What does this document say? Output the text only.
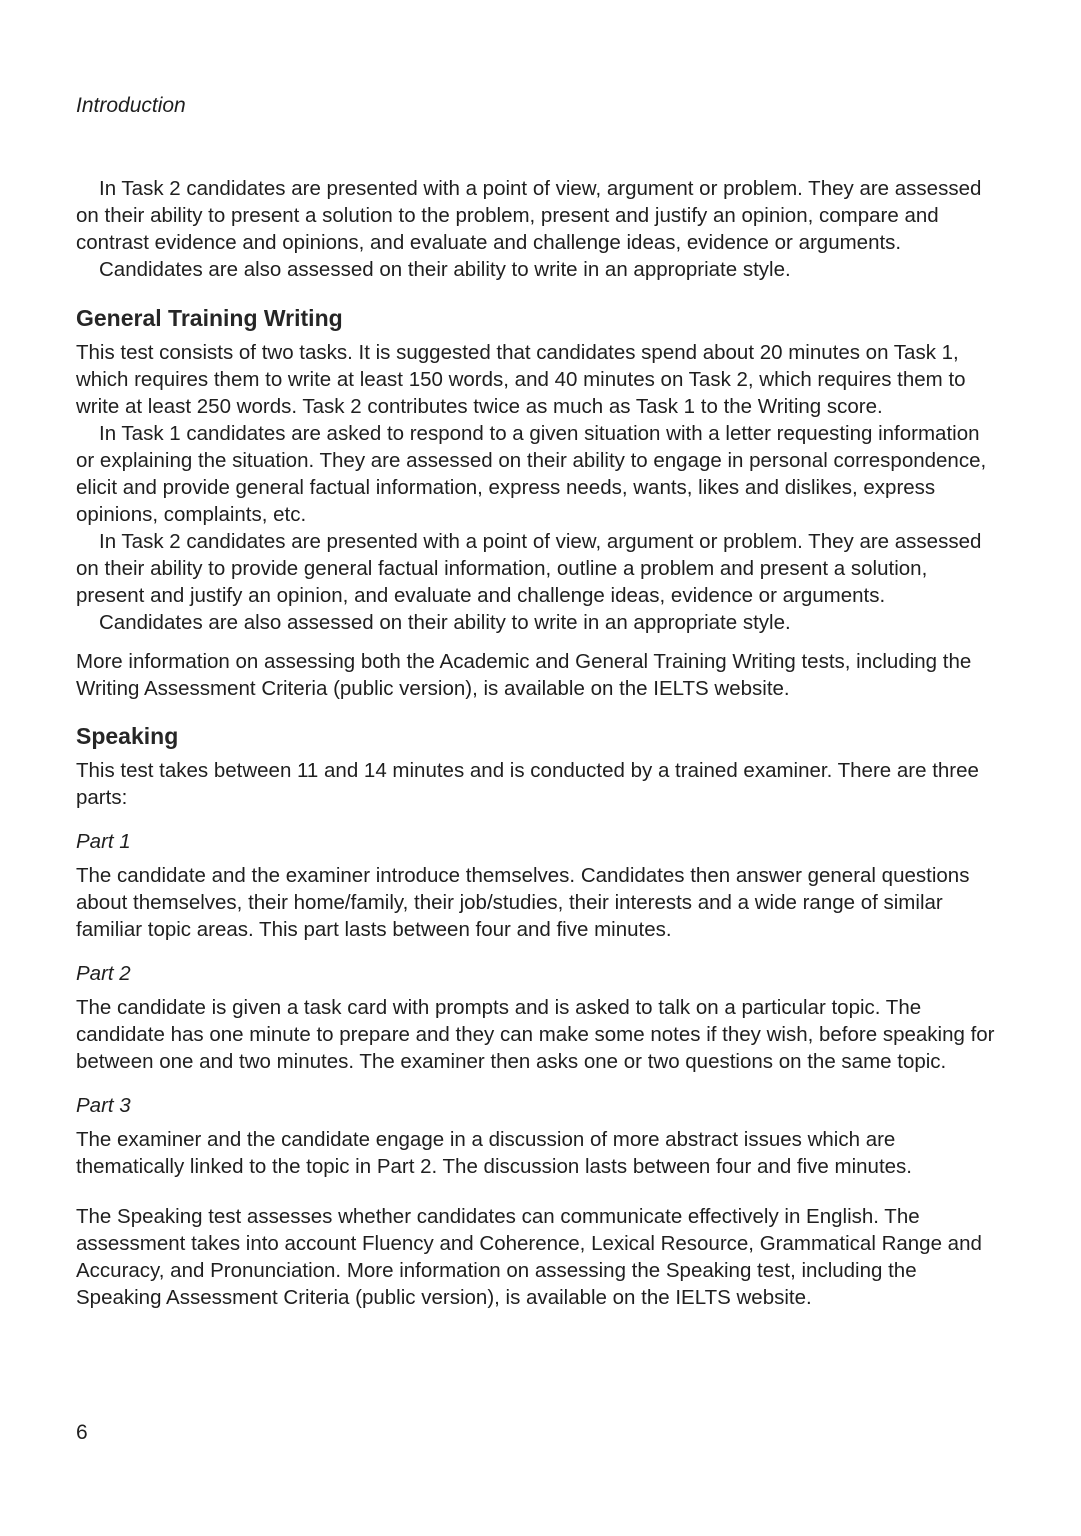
Introduction

In Task 2 candidates are presented with a point of view, argument or problem. They are assessed on their ability to present a solution to the problem, present and justify an opinion, compare and contrast evidence and opinions, and evaluate and challenge ideas, evidence or arguments.

Candidates are also assessed on their ability to write in an appropriate style.

General Training Writing

This test consists of two tasks. It is suggested that candidates spend about 20 minutes on Task 1, which requires them to write at least 150 words, and 40 minutes on Task 2, which requires them to write at least 250 words. Task 2 contributes twice as much as Task 1 to the Writing score.

In Task 1 candidates are asked to respond to a given situation with a letter requesting information or explaining the situation. They are assessed on their ability to engage in personal correspondence, elicit and provide general factual information, express needs, wants, likes and dislikes, express opinions, complaints, etc.

In Task 2 candidates are presented with a point of view, argument or problem. They are assessed on their ability to provide general factual information, outline a problem and present a solution, present and justify an opinion, and evaluate and challenge ideas, evidence or arguments.

Candidates are also assessed on their ability to write in an appropriate style.

More information on assessing both the Academic and General Training Writing tests, including the Writing Assessment Criteria (public version), is available on the IELTS website.

Speaking

This test takes between 11 and 14 minutes and is conducted by a trained examiner. There are three parts:

Part 1

The candidate and the examiner introduce themselves. Candidates then answer general questions about themselves, their home/family, their job/studies, their interests and a wide range of similar familiar topic areas. This part lasts between four and five minutes.

Part 2

The candidate is given a task card with prompts and is asked to talk on a particular topic. The candidate has one minute to prepare and they can make some notes if they wish, before speaking for between one and two minutes. The examiner then asks one or two questions on the same topic.

Part 3

The examiner and the candidate engage in a discussion of more abstract issues which are thematically linked to the topic in Part 2. The discussion lasts between four and five minutes.

The Speaking test assesses whether candidates can communicate effectively in English. The assessment takes into account Fluency and Coherence, Lexical Resource, Grammatical Range and Accuracy, and Pronunciation. More information on assessing the Speaking test, including the Speaking Assessment Criteria (public version), is available on the IELTS website.

6
